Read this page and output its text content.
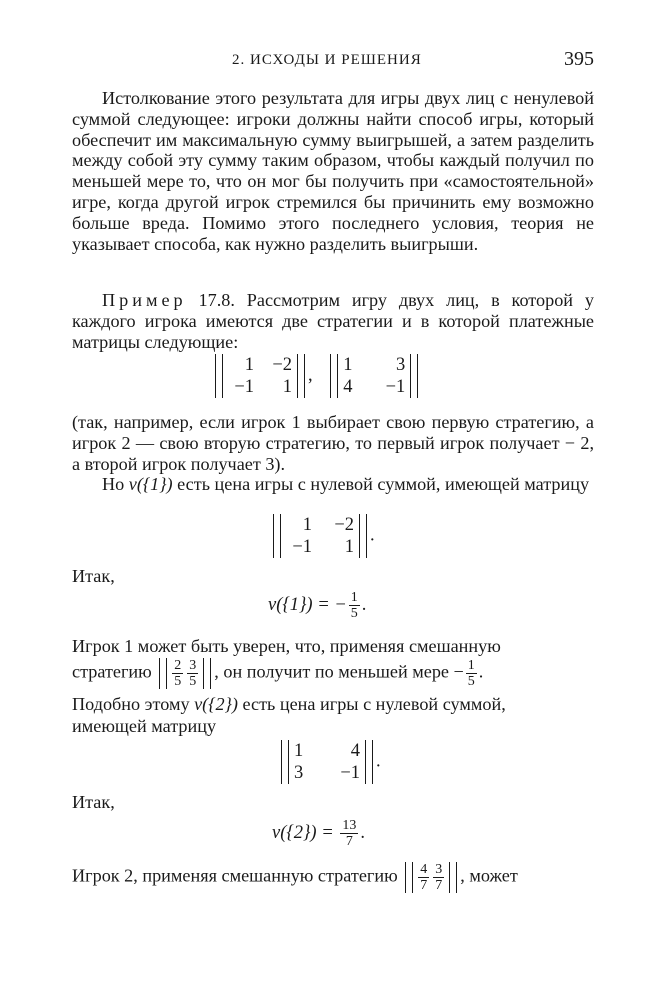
2. ИСХОДЫ И РЕШЕНИЯ	395

Истолкование этого результата для игры двух лиц с ненулевой суммой следующее: игроки должны найти способ игры, который обеспечит им максимальную сумму выигрышей, а затем разделить между собой эту сумму таким образом, чтобы каждый получил по меньшей мере то, что он мог бы получить при «самостоятельной» игре, когда другой игрок стремился бы причинить ему возможно больше вреда. Помимо этого последнего условия, теория не указывает способа, как нужно разделить выигрыши.

Пример 17.8. Рассмотрим игру двух лиц, в которой у каждого игрока имеются две стратегии и в которой платежные матрицы следующие:

1 −2
−1	1
,
1	3
4	−1

(так, например, если игрок 1 выбирает свою первую стратегию, а игрок 2 — свою вторую стратегию, то первый игрок получает − 2, а второй игрок получает 3).

Но v({1}) есть цена игры с нулевой суммой, имеющей матрицу

1	−2
−1	1
.
Итак,
v({1}) = − $\frac{1}{5}$ .
Игрок 1 может быть уверен, что, применяя смешанную
стратегию $\frac{2}{5} \frac{3}{5}$ , он получит по меньшей мере − $\frac{1}{5}$ .
Подобно этому v({2}) есть цена игры с нулевой суммой,
имеющей матрицу
1	4
3	−1
.
Итак,
$v(\{2\}) = \frac{13}{7}$ .
Игрок 2, применяя смешанную стратегию $\frac{4}{7} \frac{3}{7}$ , может
